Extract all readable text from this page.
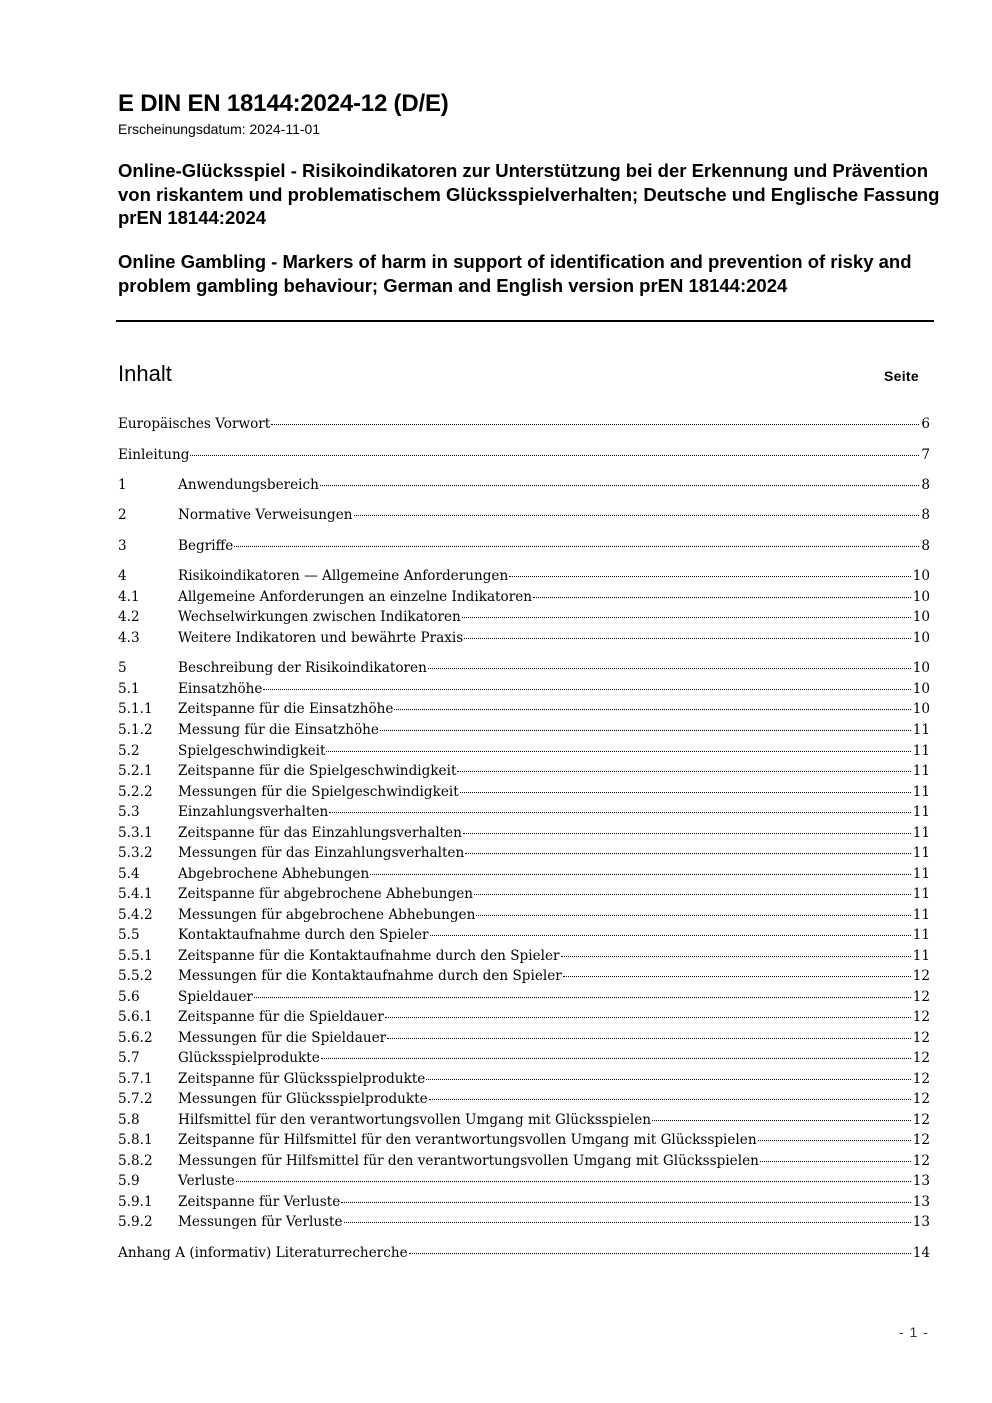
E DIN EN 18144:2024-12 (D/E)
Erscheinungsdatum: 2024-11-01
Online-Glücksspiel - Risikoindikatoren zur Unterstützung bei der Erkennung und Prävention von riskantem und problematischem Glücksspielverhalten; Deutsche und Englische Fassung prEN 18144:2024
Online Gambling - Markers of harm in support of identification and prevention of risky and problem gambling behaviour; German and English version prEN 18144:2024
Inhalt	Seite
Europäisches Vorwort	6
Einleitung	7
1	Anwendungsbereich	8
2	Normative Verweisungen	8
3	Begriffe	8
4	Risikoindikatoren — Allgemeine Anforderungen	10
4.1	Allgemeine Anforderungen an einzelne Indikatoren	10
4.2	Wechselwirkungen zwischen Indikatoren	10
4.3	Weitere Indikatoren und bewährte Praxis	10
5	Beschreibung der Risikoindikatoren	10
5.1	Einsatzhöhe	10
5.1.1	Zeitspanne für die Einsatzhöhe	10
5.1.2	Messung für die Einsatzhöhe	11
5.2	Spielgeschwindigkeit	11
5.2.1	Zeitspanne für die Spielgeschwindigkeit	11
5.2.2	Messungen für die Spielgeschwindigkeit	11
5.3	Einzahlungsverhalten	11
5.3.1	Zeitspanne für das Einzahlungsverhalten	11
5.3.2	Messungen für das Einzahlungsverhalten	11
5.4	Abgebrochene Abhebungen	11
5.4.1	Zeitspanne für abgebrochene Abhebungen	11
5.4.2	Messungen für abgebrochene Abhebungen	11
5.5	Kontaktaufnahme durch den Spieler	11
5.5.1	Zeitspanne für die Kontaktaufnahme durch den Spieler	11
5.5.2	Messungen für die Kontaktaufnahme durch den Spieler	12
5.6	Spieldauer	12
5.6.1	Zeitspanne für die Spieldauer	12
5.6.2	Messungen für die Spieldauer	12
5.7	Glücksspielprodukte	12
5.7.1	Zeitspanne für Glücksspielprodukte	12
5.7.2	Messungen für Glücksspielprodukte	12
5.8	Hilfsmittel für den verantwortungsvollen Umgang mit Glücksspielen	12
5.8.1	Zeitspanne für Hilfsmittel für den verantwortungsvollen Umgang mit Glücksspielen	12
5.8.2	Messungen für Hilfsmittel für den verantwortungsvollen Umgang mit Glücksspielen	12
5.9	Verluste	13
5.9.1	Zeitspanne für Verluste	13
5.9.2	Messungen für Verluste	13
Anhang A (informativ) Literaturrecherche	14
- 1 -
